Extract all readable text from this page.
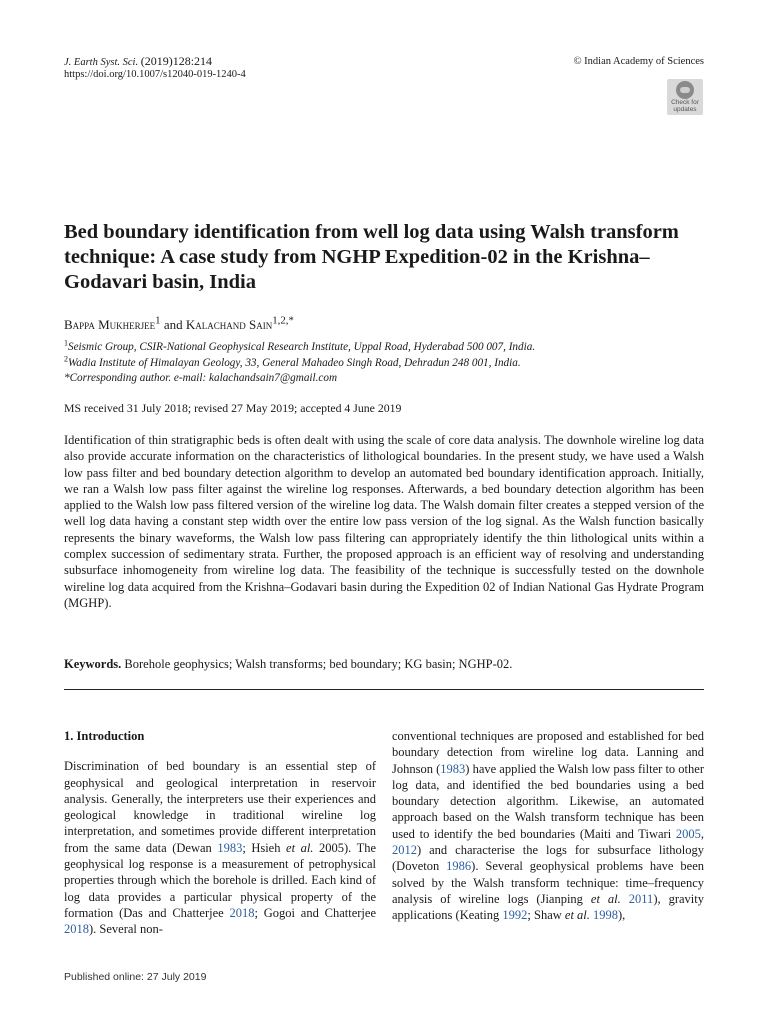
J. Earth Syst. Sci. (2019)128:214
https://doi.org/10.1007/s12040-019-1240-4
© Indian Academy of Sciences
Check for
updates
Bed boundary identification from well log data using Walsh transform technique: A case study from NGHP Expedition-02 in the Krishna–Godavari basin, India
Bappa Mukherjee$^1$ and Kalachand Sain$^{1,2,*}$
$^1$Seismic Group, CSIR-National Geophysical Research Institute, Uppal Road, Hyderabad 500 007, India.
$^2$Wadia Institute of Himalayan Geology, 33, General Mahadeo Singh Road, Dehradun 248 001, India.
*Corresponding author. e-mail: kalachandsain7@gmail.com
MS received 31 July 2018; revised 27 May 2019; accepted 4 June 2019
Identification of thin stratigraphic beds is often dealt with using the scale of core data analysis. The downhole wireline log data also provide accurate information on the characteristics of lithological boundaries. In the present study, we have used a Walsh low pass filter and bed boundary detection algorithm to develop an automated bed boundary identification approach. Initially, we ran a Walsh low pass filter against the wireline log responses. Afterwards, a bed boundary detection algorithm has been applied to the Walsh low pass filtered version of the wireline log data. The Walsh domain filter creates a stepped version of the well log data having a constant step width over the entire low pass version of the log signal. As the Walsh function basically represents the binary waveforms, the Walsh low pass filtering can appropriately identify the thin lithological units within a complex succession of sedimentary strata. Further, the proposed approach is an efficient way of resolving and understanding subsurface inhomogeneity from wireline log data. The feasibility of the technique is successfully tested on the downhole wireline log data acquired from the Krishna–Godavari basin during the Expedition 02 of Indian National Gas Hydrate Program (MGHP).
Keywords. Borehole geophysics; Walsh transforms; bed boundary; KG basin; NGHP-02.
1. Introduction
Discrimination of bed boundary is an essential step of geophysical and geological interpretation in reservoir analysis. Generally, the interpreters use their experiences and geological knowledge in traditional wireline log interpretation, and sometimes provide different interpretation from the same data (Dewan 1983; Hsieh et al. 2005). The geophysical log response is a measurement of petrophysical properties through which the borehole is drilled. Each kind of log data provides a particular physical property of the formation (Das and Chatterjee 2018; Gogoi and Chatterjee 2018). Several non-
conventional techniques are proposed and established for bed boundary detection from wireline log data. Lanning and Johnson (1983) have applied the Walsh low pass filter to other log data, and identified the bed boundaries using a bed boundary detection algorithm. Likewise, an automated approach based on the Walsh transform technique has been used to identify the bed boundaries (Maiti and Tiwari 2005, 2012) and characterise the logs for subsurface lithology (Doveton 1986). Several geophysical problems have been solved by the Walsh transform technique: time–frequency analysis of wireline logs (Jianping et al. 2011), gravity applications (Keating 1992; Shaw et al. 1998),
Published online: 27 July 2019
